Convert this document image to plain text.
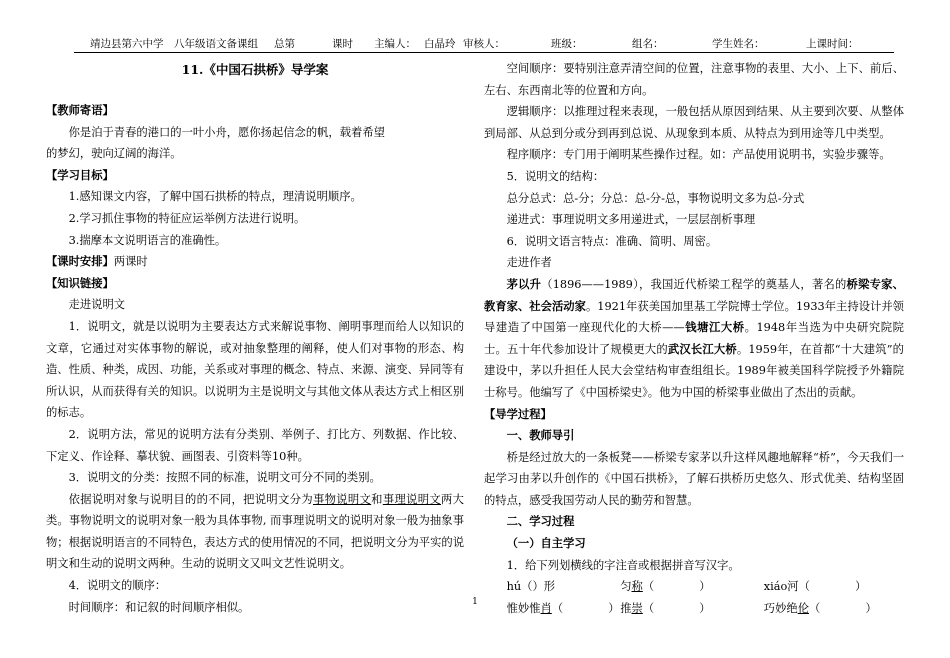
靖边县第六中学 八年级语文备课组 总第	课时 主编人： 白晶玲 审核人：	班级：	组名：	学生姓名：	上课时间：
11.《中国石拱桥》导学案
【教师寄语】

你是泊于青春的港口的一叶小舟，愿你扬起信念的帆，载着希望

的梦幻，驶向辽阔的海洋。

【学习目标】

1.感知课文内容，了解中国石拱桥的特点，理清说明顺序。

2.学习抓住事物的特征应运举例方法进行说明。

3.揣摩本文说明语言的准确性。

【课时安排】两课时
【知识链接】

走进说明文

1．说明文，就是以说明为主要表达方式来解说事物、阐明事理而给人以知识的文章，它通过对实体事物的解说，或对抽象整理的阐释，使人们对事物的形态、构造、性质、种类，成因、功能，关系或对事理的概念、特点、来源、演变、异同等有所认识，从而获得有关的知识。以说明为主是说明文与其他文体从表达方式上相区别的标志。

2．说明方法，常见的说明方法有分类别、举例子、打比方、列数据、作比较、下定义、作诠释、摹状貌、画图表、引资料等10种。

3．说明文的分类：按照不同的标准，说明文可分不同的类别。

依据说明对象与说明目的的不同，把说明文分为事物说明文和事理说明文两大类。事物说明文的说明对象一般为具体事物, 而事理说明文的说明对象一般为抽象事物；根据说明语言的不同特色，表达方式的使用情况的不同，把说明文分为平实的说明文和生动的说明文两种。生动的说明文又叫文艺性说明文。

4．说明文的顺序：

时间顺序：和记叙的时间顺序相似。

空间顺序：要特别注意弄清空间的位置，注意事物的表里、大小、上下、前后、左右、东西南北等的位置和方向。

逻辑顺序：以推理过程来表现，一般包括从原因到结果、从主要到次要、从整体到局部、从总到分或分到再到总说、从现象到本质、从特点为到用途等几中类型。

程序顺序：专门用于阐明某些操作过程。如：产品使用说明书，实验步骤等。

5．说明文的结构：

总分总式：总-分；分总：总-分-总，事物说明文多为总-分式

递进式：事理说明文多用递进式，一层层剖析事理

6．说明文语言特点：准确、简明、周密。

走进作者

茅以升（1896——1989），我国近代桥梁工程学的奠基人，著名的桥梁专家、教育家、社会活动家。1921年获美国加里基工学院博士学位。1933年主持设计并领导建造了中国第一座现代化的大桥——钱塘江大桥。1948年当选为中央研究院院士。五十年代参加设计了规模更大的武汉长江大桥。1959年，在首都“十大建筑”的建设中，茅以升担任人民大会堂结构审查组组长。1989年被美国科学院授予外籍院士称号。他编写了《中国桥梁史》。他为中国的桥梁事业做出了杰出的贡献。

【导学过程】
一、教师导引

桥是经过放大的一条板凳——桥梁专家茅以升这样风趣地解释“桥”，今天我们一起学习由茅以升创作的《中国石拱桥》，了解石拱桥历史悠久、形式优美、结构坚固的特点，感受我国劳动人民的勤劳和智慧。

二、学习过程
（一）自主学习

1．给下列划横线的字注音或根据拼音写汉字。

hú（）形	匀称（　　　　）	xiáo河（　　　　）

惟妙惟肖（　　　　） 推崇（　　　　）	巧妙绝伦（　　　　）

1
